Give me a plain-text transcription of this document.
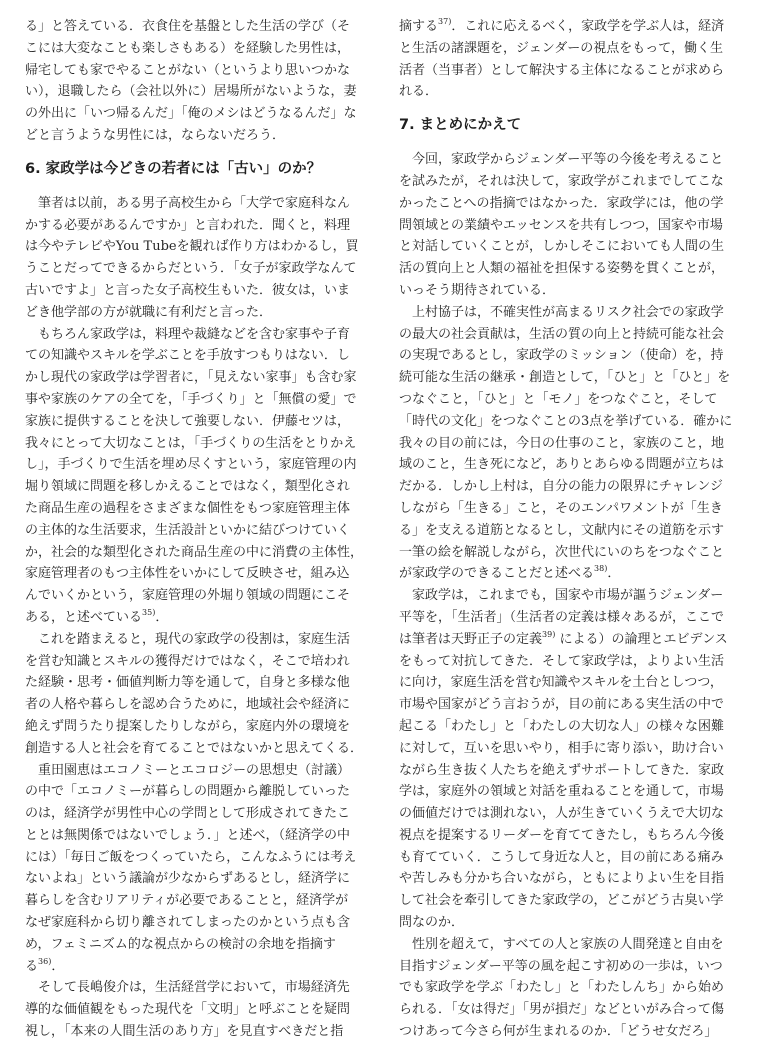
る」と答えている．衣食住を基盤とした生活の学び（そ
こには大変なことも楽しさもある）を経験した男性は，
帰宅しても家でやることがない（というより思いつかな
い），退職したら（会社以外に）居場所がないような，妻
の外出に「いつ帰るんだ」「俺のメシはどうなるんだ」な
どと言うような男性には，ならないだろう．
6. 家政学は今どきの若者には「古い」のか？
筆者は以前，ある男子高校生から「大学で家庭科なん
かする必要があるんですか」と言われた．聞くと，料理
は今やテレビやYou Tubeを観れば作り方はわかるし，買
うことだってできるからだという．「女子が家政学なんて
古いですよ」と言った女子高校生もいた．彼女は，いま
どき他学部の方が就職に有利だと言った．
もちろん家政学は，料理や裁縫などを含む家事や子育
ての知識やスキルを学ぶことを手放すつもりはない．し
かし現代の家政学は学習者に，「見えない家事」も含む家
事や家族のケアの全てを，「手づくり」と「無償の愛」で
家族に提供することを決して強要しない．伊藤セツは，
我々にとって大切なことは，「手づくりの生活をとりかえ
し」，手づくりで生活を埋め尽くすという，家庭管理の内
堀り領域に問題を移しかえることではなく，類型化され
た商品生産の過程をさまざまな個性をもつ家庭管理主体
の主体的な生活要求，生活設計といかに結びつけていく
か，社会的な類型化された商品生産の中に消費の主体性，
家庭管理者のもつ主体性をいかにして反映させ，組み込
んでいくかという，家庭管理の外堀り領域の問題にこそ
ある，と述べている$^{35)}$．
これを踏まえると，現代の家政学の役割は，家庭生活
を営む知識とスキルの獲得だけではなく，そこで培われ
た経験・思考・価値判断力等を通して，自身と多様な他
者の人格や暮らしを認め合うために，地域社会や経済に
絶えず問うたり提案したりしながら，家庭内外の環境を
創造する人と社会を育てることではないかと思えてくる．
重田園恵はエコノミーとエコロジーの思想史（討議）
の中で「エコノミーが暮らしの問題から離脱していった
のは，経済学が男性中心の学問として形成されてきたこ
ととは無関係ではないでしょう．」と述べ，（経済学の中
には）「毎日ご飯をつくっていたら，こんなふうには考え
ないよね」という議論が少なからずあるとし，経済学に
暮らしを含むリアリティが必要であることと，経済学が
なぜ家庭科から切り離されてしまったのかという点も含
め，フェミニズム的な視点からの検討の余地を指摘す
る$^{36)}$．
そして長嶋俊介は，生活経営学において，市場経済先
導的な価値観をもった現代を「文明」と呼ぶことを疑問
視し，「本来の人間生活のあり方」を見直すべきだと指
摘する$^{37)}$．これに応えるべく，家政学を学ぶ人は，経済
と生活の諸課題を，ジェンダーの視点をもって，働く生
活者（当事者）として解決する主体になることが求めら
れる．
7. まとめにかえて
今回，家政学からジェンダー平等の今後を考えること
を試みたが，それは決して，家政学がこれまでしてこな
かったことへの指摘ではなかった．家政学には，他の学
問領域との業績やエッセンスを共有しつつ，国家や市場
と対話していくことが，しかしそこにおいても人間の生
活の質向上と人類の福祉を担保する姿勢を貫くことが，
いっそう期待されている．
上村協子は，不確実性が高まるリスク社会での家政学
の最大の社会貢献は，生活の質の向上と持続可能な社会
の実現であるとし，家政学のミッション（使命）を，持
続可能な生活の継承・創造として，「ひと」と「ひと」を
つなぐこと，「ひと」と「モノ」をつなぐこと，そして
「時代の文化」をつなぐことの3点を挙げている．確かに
我々の目の前には，今日の仕事のこと，家族のこと，地
域のこと，生き死になど，ありとあらゆる問題が立ちは
だかる．しかし上村は，自分の能力の限界にチャレンジ
しながら「生きる」こと，そのエンパワメントが「生き
る」を支える道筋となるとし，文献内にその道筋を示す
一筆の絵を解説しながら，次世代にいのちをつなぐこと
が家政学のできることだと述べる$^{38)}$．
家政学は，これまでも，国家や市場が謳うジェンダー
平等を，「生活者」（生活者の定義は様々あるが，ここで
は筆者は天野正子の定義$^{39)}$ による）の論理とエビデンス
をもって対抗してきた．そして家政学は，よりよい生活
に向け，家庭生活を営む知識やスキルを土台としつつ，
市場や国家がどう言おうが，目の前にある実生活の中で
起こる「わたし」と「わたしの大切な人」の様々な困難
に対して，互いを思いやり，相手に寄り添い，助け合い
ながら生き抜く人たちを絶えずサポートしてきた．家政
学は，家庭外の領域と対話を重ねることを通して，市場
の価値だけでは測れない，人が生きていくうえで大切な
視点を提案するリーダーを育ててきたし，もちろん今後
も育てていく．こうして身近な人と，目の前にある痛み
や苦しみも分かち合いながら，ともによりよい生を目指
して社会を牽引してきた家政学の，どこがどう古臭い学
問なのか．
性別を超えて，すべての人と家族の人間発達と自由を
目指すジェンダー平等の風を起こす初めの一歩は，いつ
でも家政学を学ぶ「わたし」と「わたしんち」から始め
られる．「女は得だ」「男が損だ」などといがみ合って傷
つけあって今さら何が生まれるのか．「どうせ女だろ」
